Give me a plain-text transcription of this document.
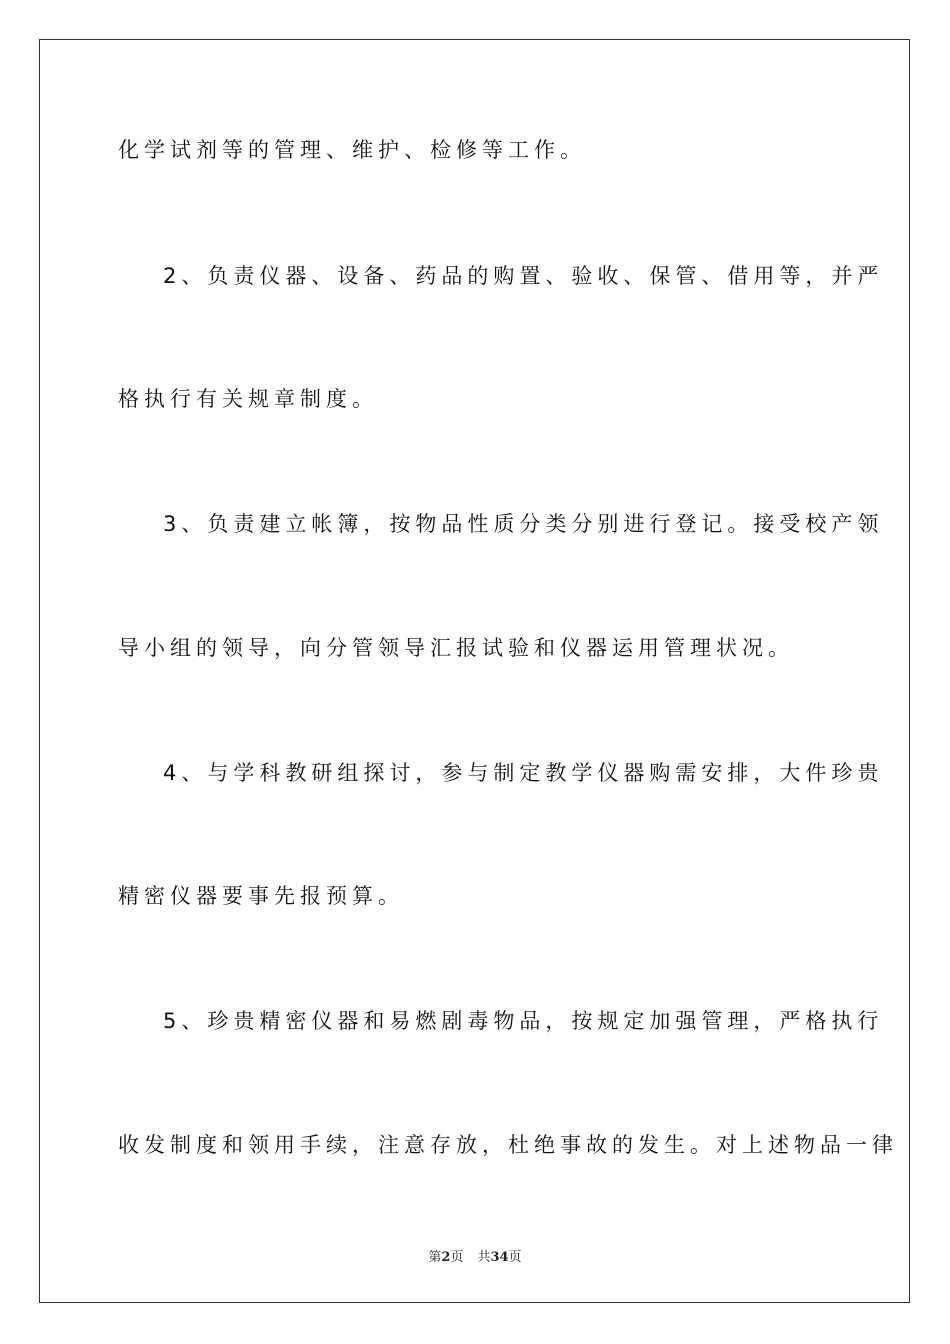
化学试剂等的管理、维护、检修等工作。
2、负责仪器、设备、药品的购置、验收、保管、借用等，并严
格执行有关规章制度。
3、负责建立帐簿，按物品性质分类分别进行登记。接受校产领
导小组的领导，向分管领导汇报试验和仪器运用管理状况。
4、与学科教研组探讨，参与制定教学仪器购需安排，大件珍贵
精密仪器要事先报预算。
5、珍贵精密仪器和易燃剧毒物品，按规定加强管理，严格执行
收发制度和领用手续，注意存放，杜绝事故的发生。对上述物品一律
第2页 共34页
